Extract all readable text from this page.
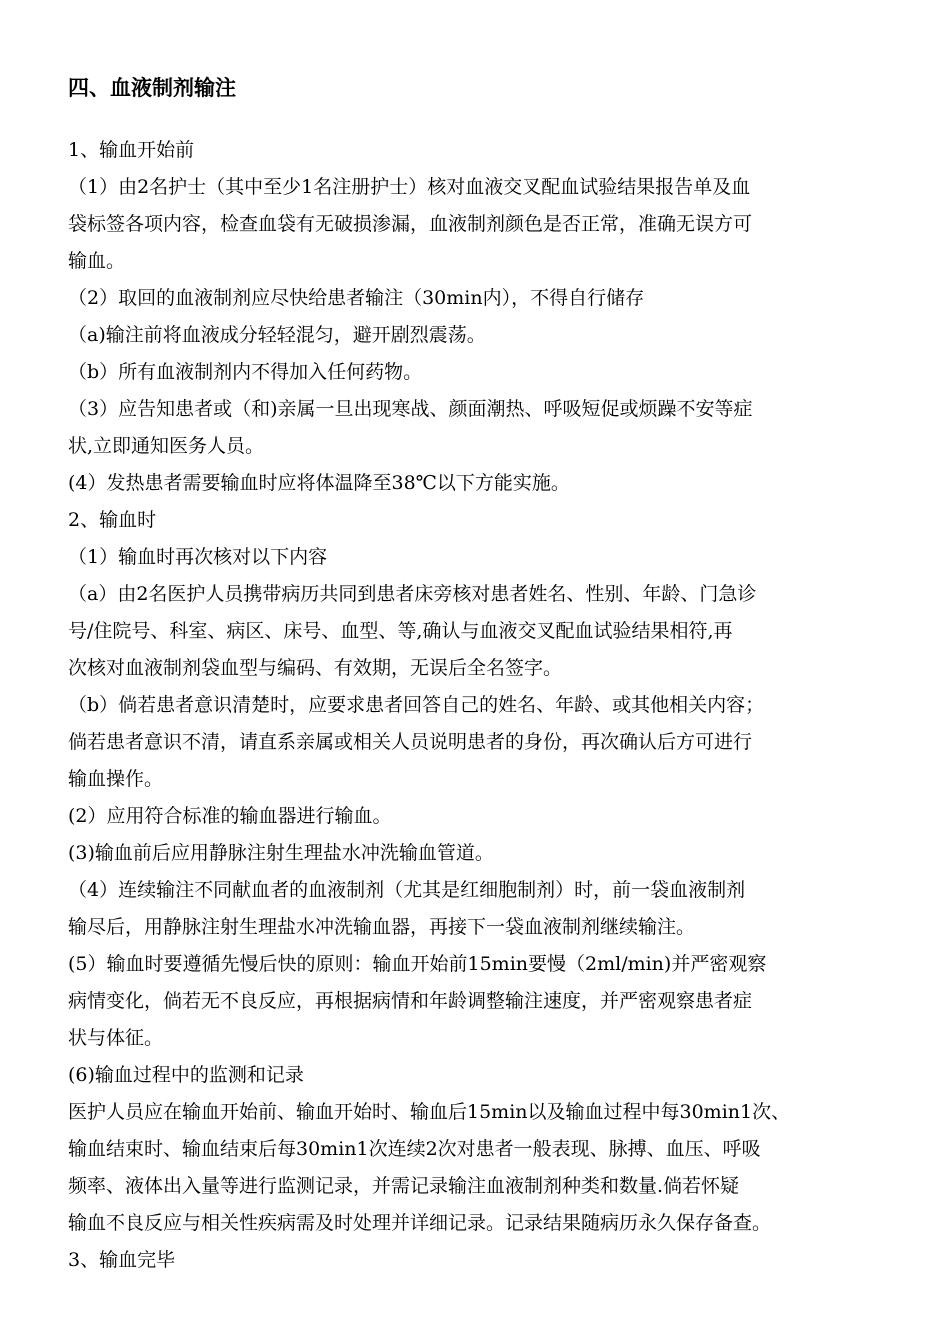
四、血液制剂输注
1、输血开始前
（1）由2名护士（其中至少1名注册护士）核对血液交叉配血试验结果报告单及血
袋标签各项内容，检查血袋有无破损渗漏，血液制剂颜色是否正常，准确无误方可
输血。
（2）取回的血液制剂应尽快给患者输注（30min内），不得自行储存
（a)输注前将血液成分轻轻混匀，避开剧烈震荡。
（b）所有血液制剂内不得加入任何药物。
（3）应告知患者或（和)亲属一旦出现寒战、颜面潮热、呼吸短促或烦躁不安等症
状,立即通知医务人员。
(4）发热患者需要输血时应将体温降至38℃以下方能实施。
2、输血时
（1）输血时再次核对以下内容
（a）由2名医护人员携带病历共同到患者床旁核对患者姓名、性别、年龄、门急诊
号/住院号、科室、病区、床号、血型、等,确认与血液交叉配血试验结果相符,再
次核对血液制剂袋血型与编码、有效期，无误后全名签字。
（b）倘若患者意识清楚时，应要求患者回答自己的姓名、年龄、或其他相关内容；
倘若患者意识不清，请直系亲属或相关人员说明患者的身份，再次确认后方可进行
输血操作。
(2）应用符合标准的输血器进行输血。
(3)输血前后应用静脉注射生理盐水冲洗输血管道。
（4）连续输注不同献血者的血液制剂（尤其是红细胞制剂）时，前一袋血液制剂
输尽后，用静脉注射生理盐水冲洗输血器，再接下一袋血液制剂继续输注。
(5）输血时要遵循先慢后快的原则：输血开始前15min要慢（2ml/min)并严密观察
病情变化，倘若无不良反应，再根据病情和年龄调整输注速度，并严密观察患者症
状与体征。
(6)输血过程中的监测和记录
医护人员应在输血开始前、输血开始时、输血后15min以及输血过程中每30min1次、
输血结束时、输血结束后每30min1次连续2次对患者一般表现、脉搏、血压、呼吸
频率、液体出入量等进行监测记录，并需记录输注血液制剂种类和数量.倘若怀疑
输血不良反应与相关性疾病需及时处理并详细记录。记录结果随病历永久保存备查。
3、输血完毕
